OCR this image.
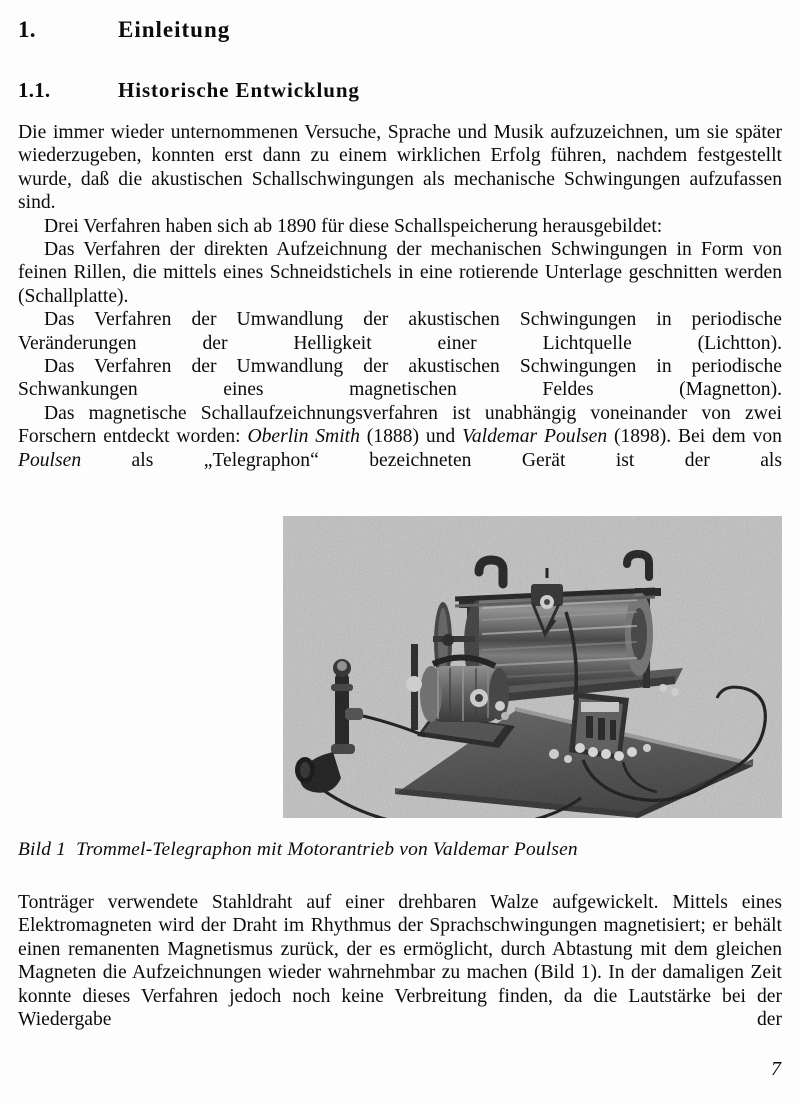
1.	Einleitung
1.1.	Historische Entwicklung

Die immer wieder unternommenen Versuche, Sprache und Musik aufzuzeichnen, um sie später wiederzugeben, konnten erst dann zu einem wirklichen Erfolg führen, nachdem festgestellt wurde, daß die akustischen Schallschwingungen als mechanische Schwingungen aufzufassen sind.

Drei Verfahren haben sich ab 1890 für diese Schallspeicherung herausgebildet:

Das Verfahren der direkten Aufzeichnung der mechanischen Schwingungen in Form von feinen Rillen, die mittels eines Schneidstichels in eine rotierende Unterlage geschnitten werden (Schallplatte).

Das Verfahren der Umwandlung der akustischen Schwingungen in periodische Veränderungen der Helligkeit einer Lichtquelle (Lichtton).

Das Verfahren der Umwandlung der akustischen Schwingungen in periodische Schwankungen eines magnetischen Feldes (Magnetton).

Das magnetische Schallaufzeichnungsverfahren ist unabhängig voneinander von zwei Forschern entdeckt worden: Oberlin Smith (1888) und Valdemar Poulsen (1898). Bei dem von Poulsen als „Telegraphon“ bezeichneten Gerät ist der als

Bild 1 Trommel-Telegraphon mit Motorantrieb von Valdemar Poulsen

Tonträger verwendete Stahldraht auf einer drehbaren Walze aufgewickelt. Mittels eines Elektromagneten wird der Draht im Rhythmus der Sprachschwingungen magnetisiert; er behält einen remanenten Magnetismus zurück, der es ermöglicht, durch Abtastung mit dem gleichen Magneten die Aufzeichnungen wieder wahrnehmbar zu machen (Bild 1). In der damaligen Zeit konnte dieses Verfahren jedoch noch keine Verbreitung finden, da die Lautstärke bei der Wiedergabe der

7
